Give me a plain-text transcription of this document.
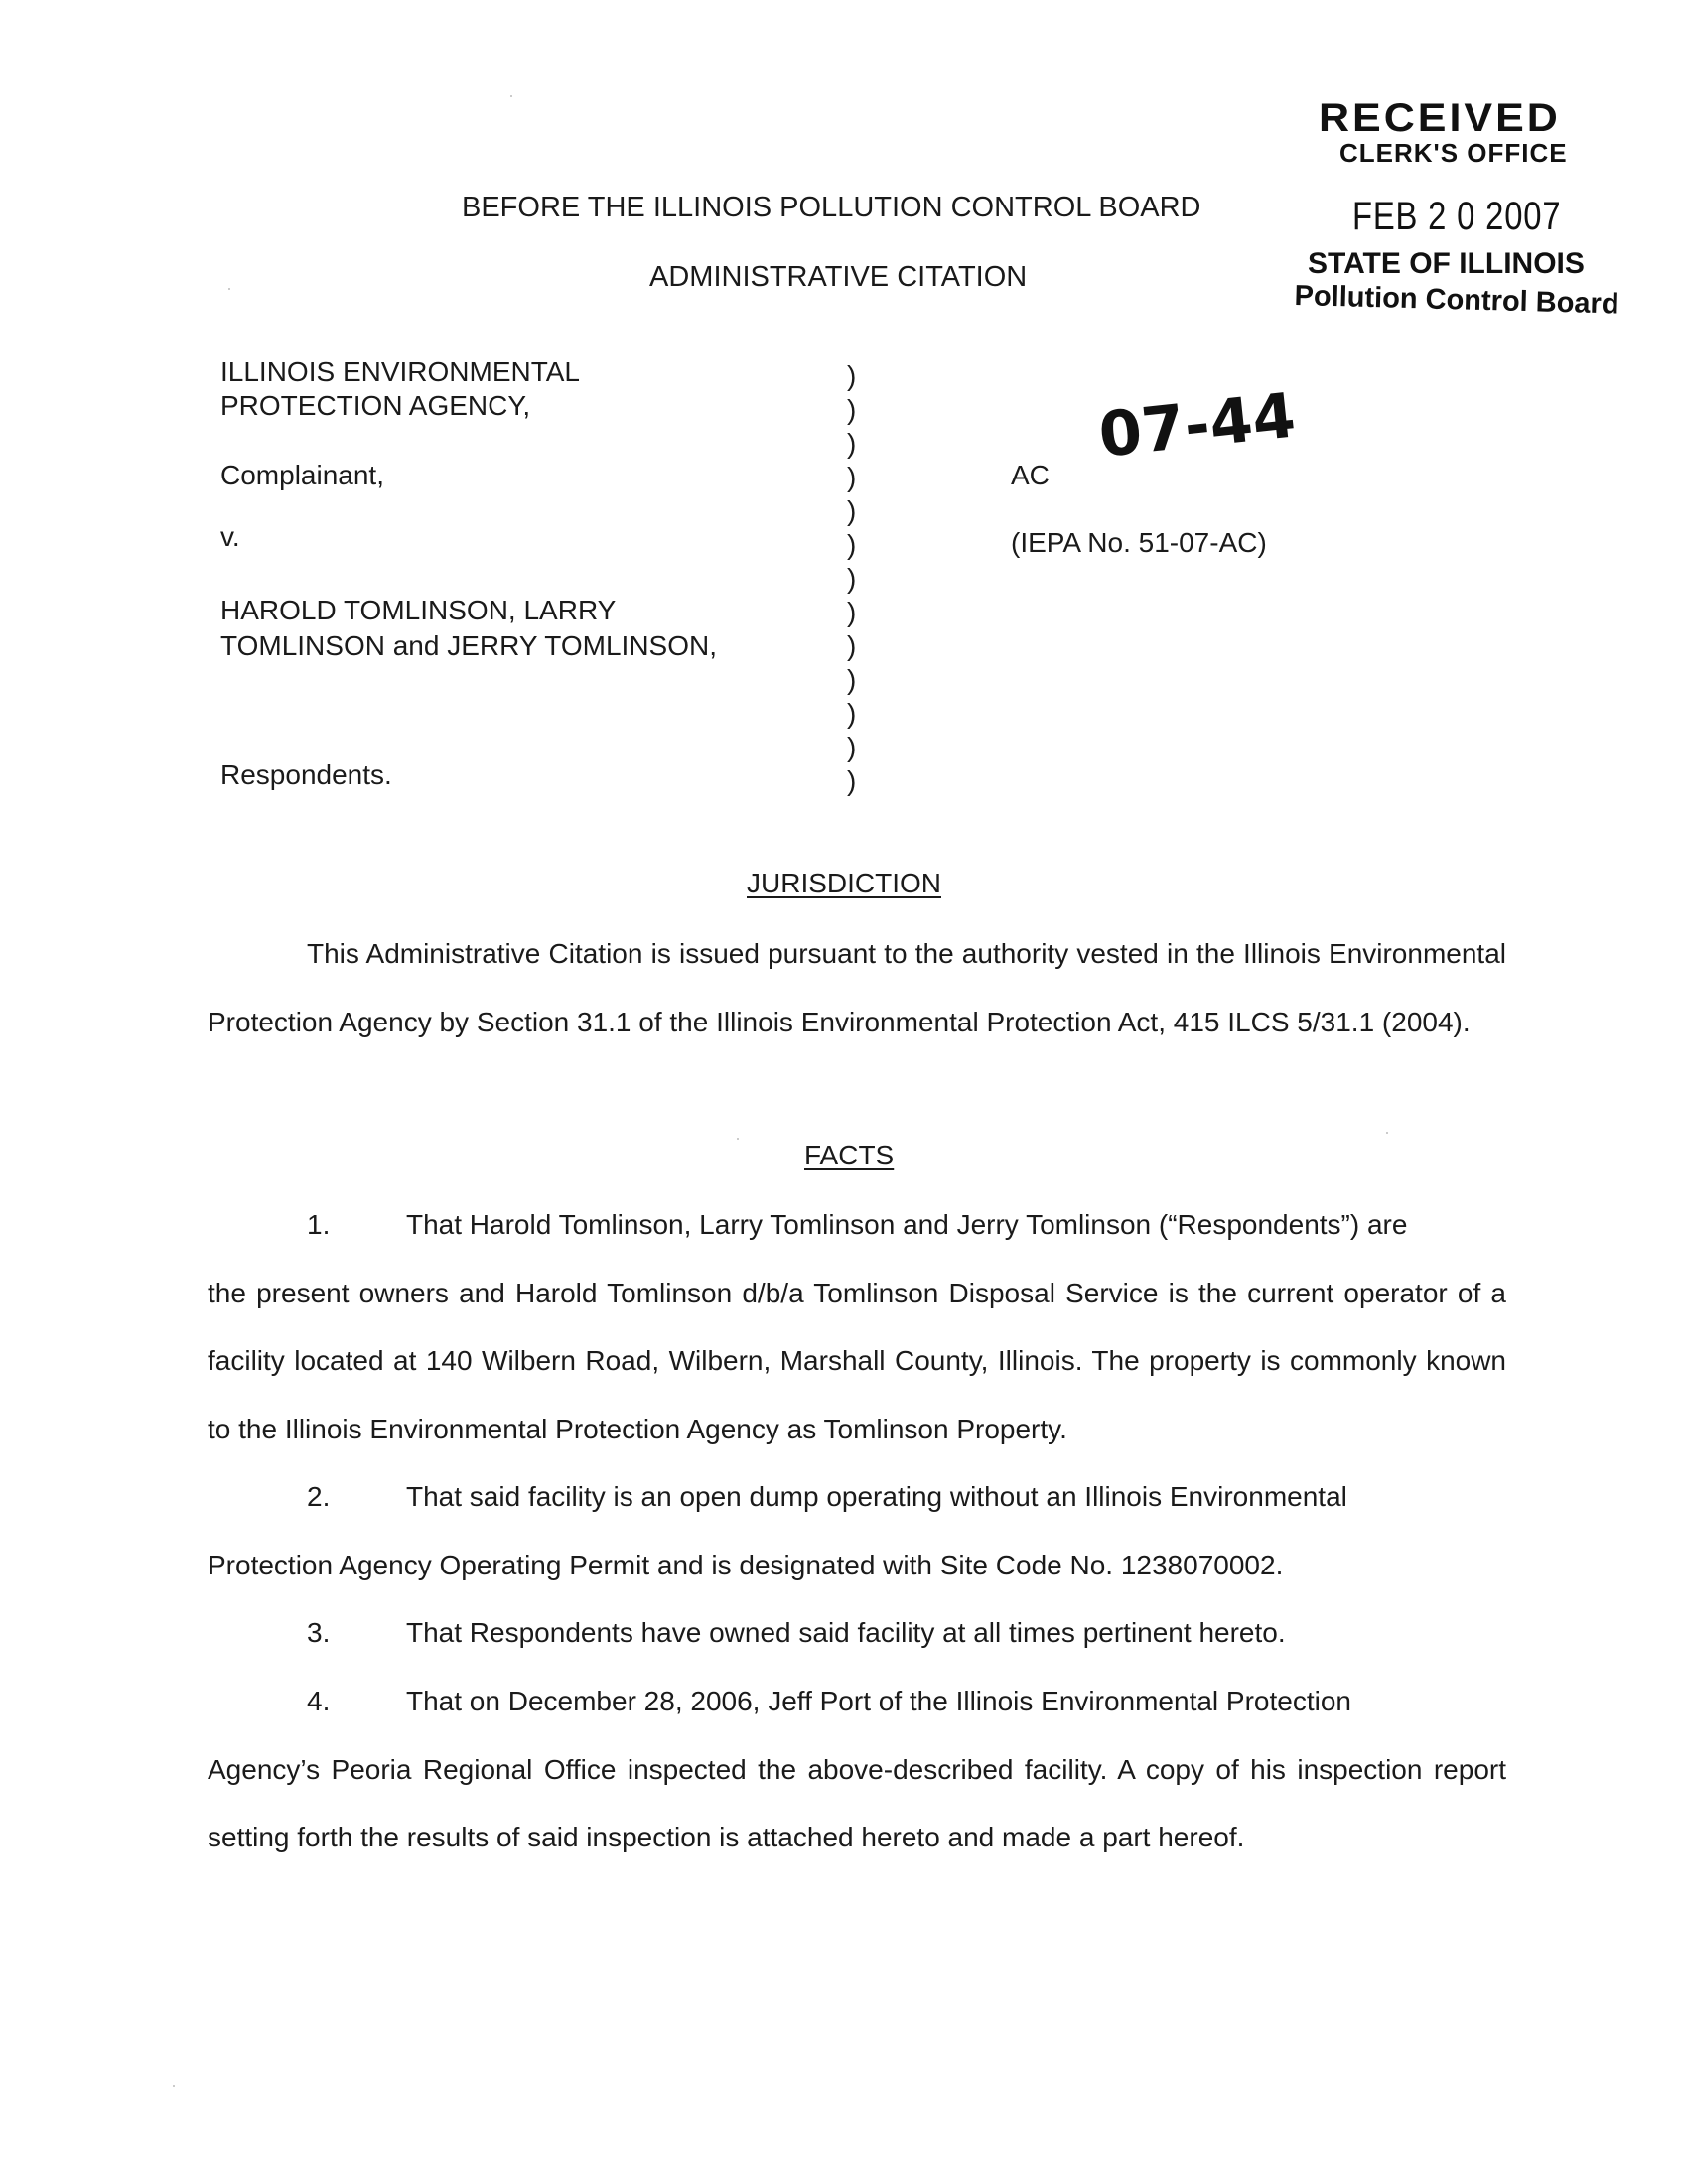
RECEIVED
CLERK'S OFFICE
FEB 2 0 2007
STATE OF ILLINOIS
Pollution Control Board
BEFORE THE ILLINOIS POLLUTION CONTROL BOARD
ADMINISTRATIVE CITATION
ILLINOIS ENVIRONMENTAL
PROTECTION AGENCY,
Complainant,
v.
HAROLD TOMLINSON, LARRY
TOMLINSON and JERRY TOMLINSON,
Respondents.
)
)
)
)
)
)
)
)
)
)
)
)
)
AC
07-44
(IEPA No. 51-07-AC)
JURISDICTION

This Administrative Citation is issued pursuant to the authority vested in the Illinois Environmental Protection Agency by Section 31.1 of the Illinois Environmental Protection Act, 415 ILCS 5/31.1 (2004).

FACTS
1.	That Harold Tomlinson, Larry Tomlinson and Jerry Tomlinson (“Respondents”) are
the present owners and Harold Tomlinson d/b/a Tomlinson Disposal Service is the current operator of a facility located at 140 Wilbern Road, Wilbern, Marshall County, Illinois. The property is commonly known to the Illinois Environmental Protection Agency as Tomlinson Property.
2.	That said facility is an open dump operating without an Illinois Environmental
Protection Agency Operating Permit and is designated with Site Code No. 1238070002.
3.	That Respondents have owned said facility at all times pertinent hereto.
4.	That on December 28, 2006, Jeff Port of the Illinois Environmental Protection
Agency’s Peoria Regional Office inspected the above-described facility. A copy of his inspection report setting forth the results of said inspection is attached hereto and made a part hereof.
